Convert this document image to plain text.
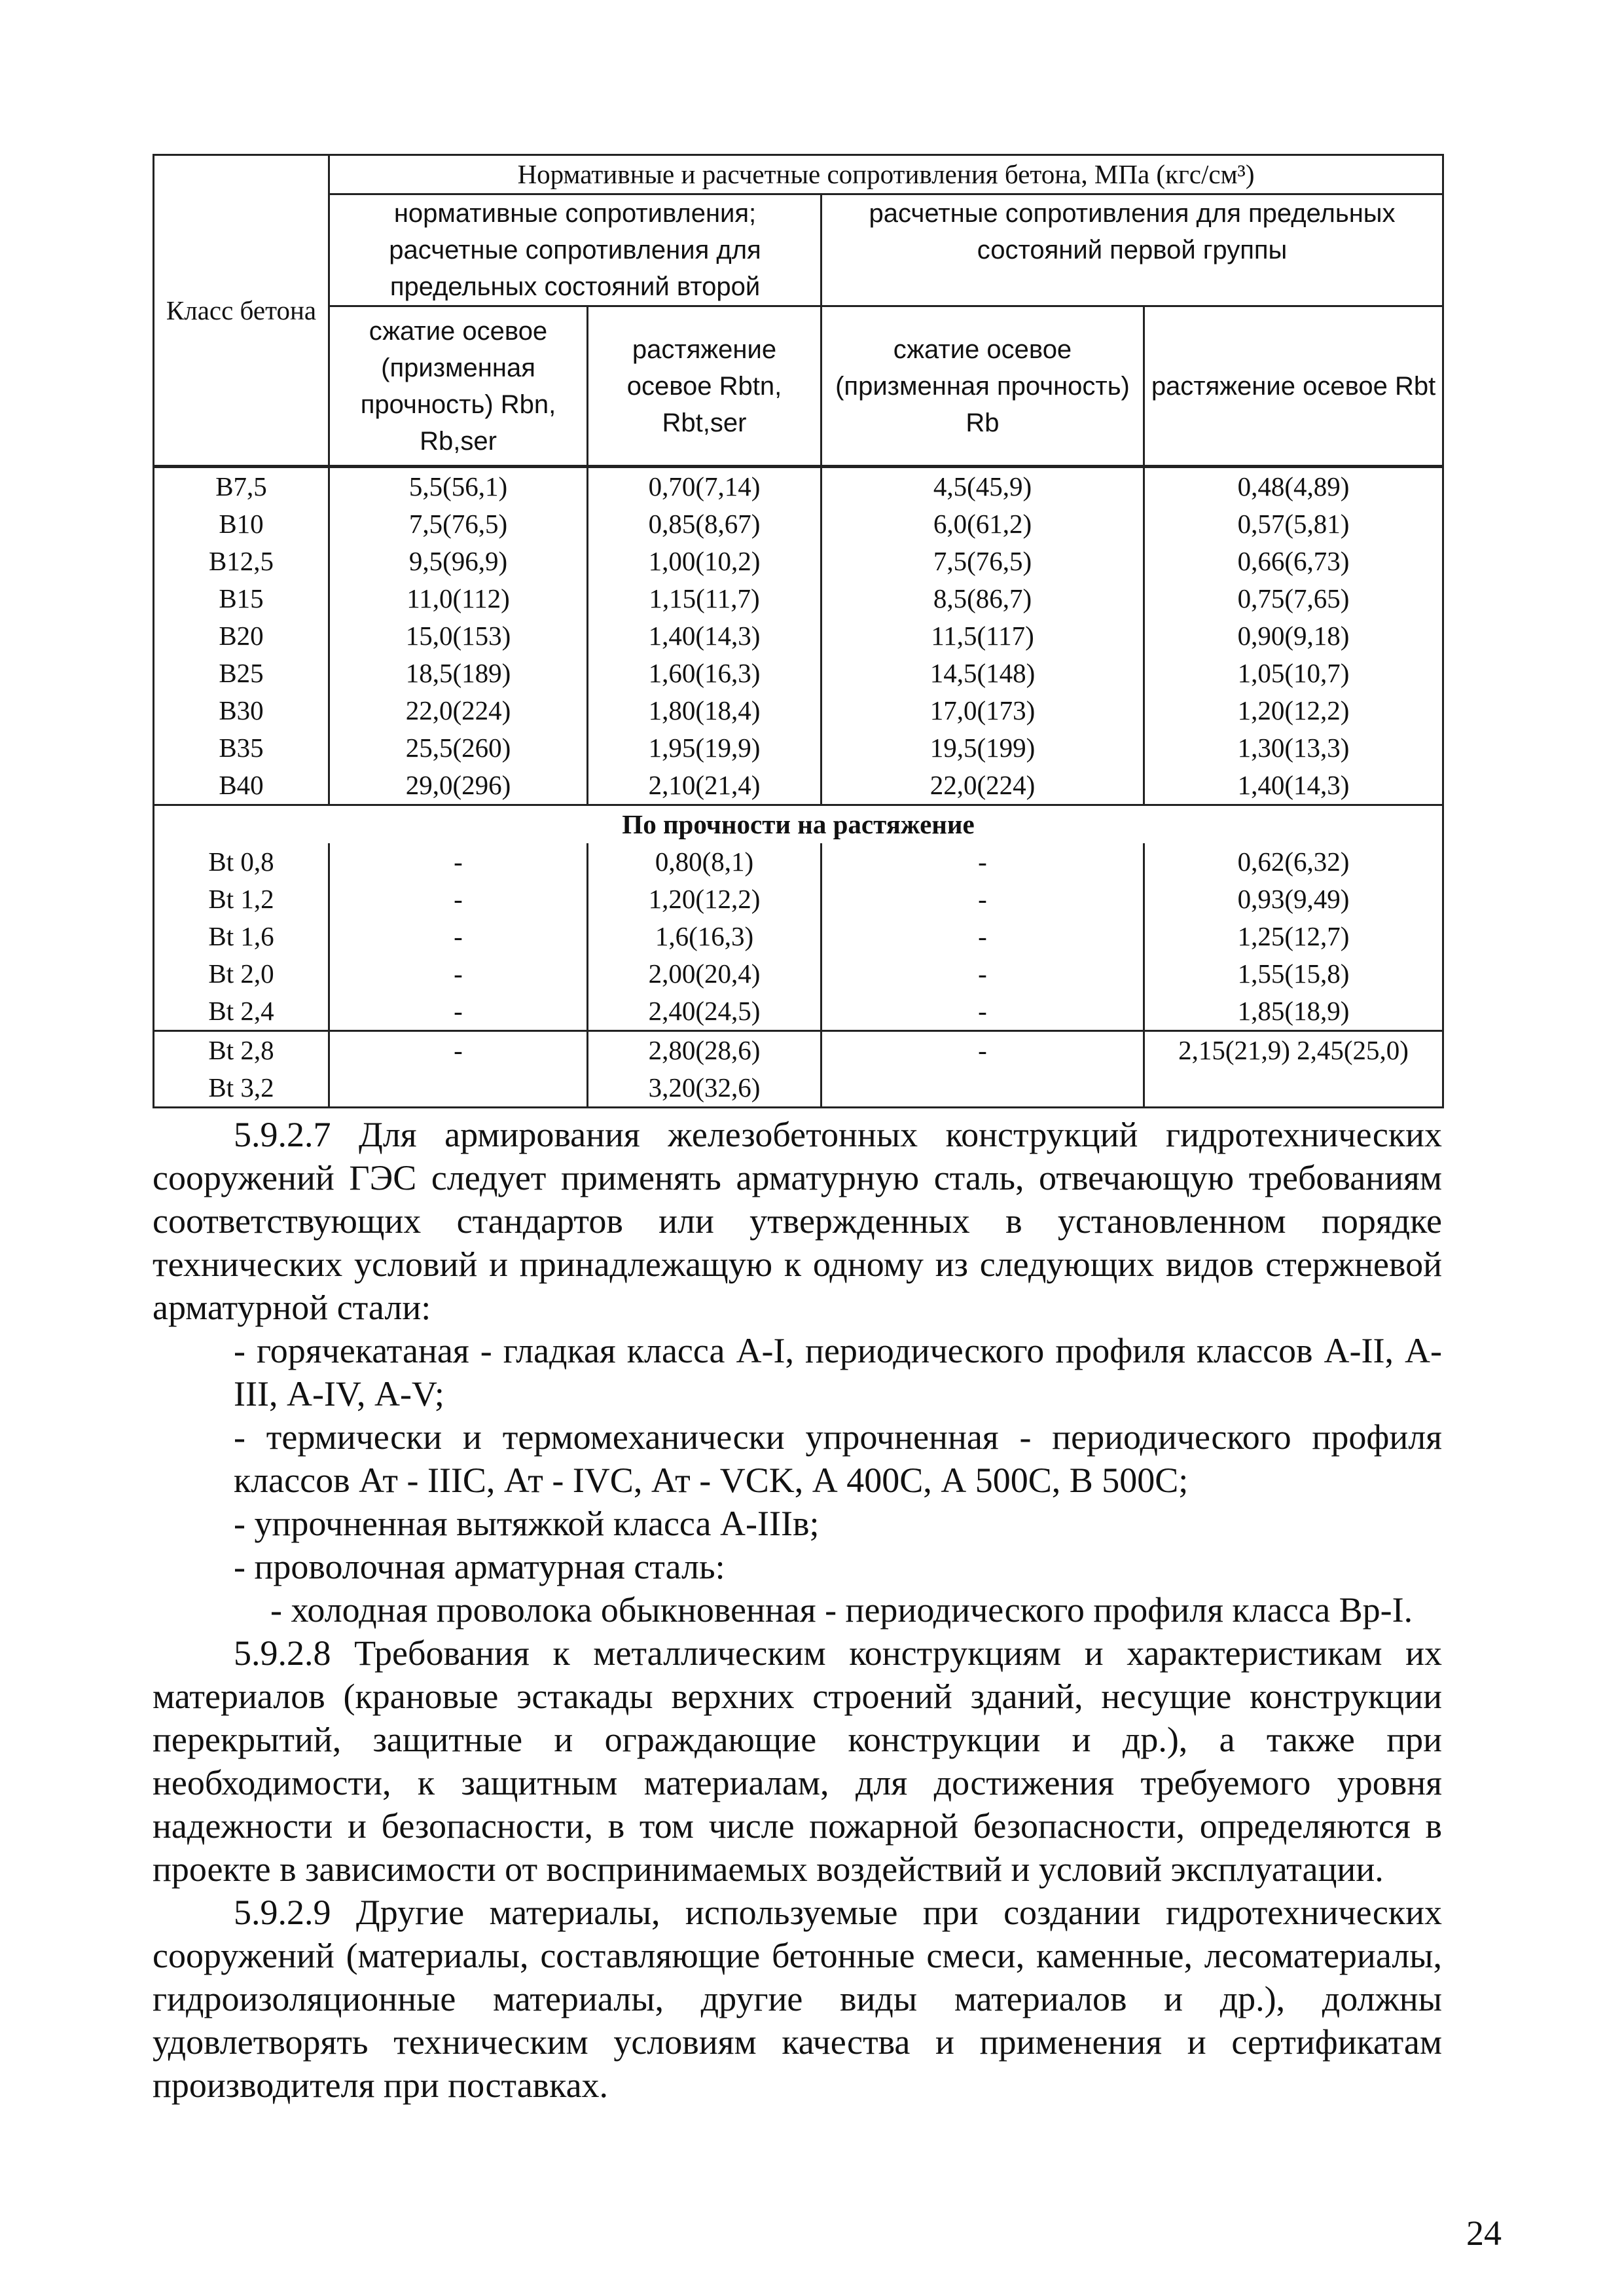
Класс бетона	Нормативные и расчетные сопротивления бетона, МПа (кгс/см³)			
	нормативные сопротивления; расчетные сопротивления для предельных состояний второй		расчетные сопротивления для предельных состояний первой группы	
	сжатие осевое (призменная прочность) Rbn, Rb,ser	растяжение осевое Rbtn, Rbt,ser	сжатие осевое (призменная прочность) Rb	растяжение осевое Rbt
B7,5	5,5(56,1)	0,70(7,14)	4,5(45,9)	0,48(4,89)
B10	7,5(76,5)	0,85(8,67)	6,0(61,2)	0,57(5,81)
B12,5	9,5(96,9)	1,00(10,2)	7,5(76,5)	0,66(6,73)
B15	11,0(112)	1,15(11,7)	8,5(86,7)	0,75(7,65)
B20	15,0(153)	1,40(14,3)	11,5(117)	0,90(9,18)
B25	18,5(189)	1,60(16,3)	14,5(148)	1,05(10,7)
B30	22,0(224)	1,80(18,4)	17,0(173)	1,20(12,2)
B35	25,5(260)	1,95(19,9)	19,5(199)	1,30(13,3)
B40	29,0(296)	2,10(21,4)	22,0(224)	1,40(14,3)
По прочности на растяжение				
Bt 0,8	-	0,80(8,1)	-	0,62(6,32)
Bt 1,2	-	1,20(12,2)	-	0,93(9,49)
Bt 1,6	-	1,6(16,3)	-	1,25(12,7)
Bt 2,0	-	2,00(20,4)	-	1,55(15,8)
Bt 2,4	-	2,40(24,5)	-	1,85(18,9)
Bt 2,8	-	2,80(28,6)	-	2,15(21,9) 2,45(25,0)
Bt 3,2		3,20(32,6)		

5.9.2.7 Для армирования железобетонных конструкций гидротехнических сооружений ГЭС следует применять арматурную сталь, отвечающую требованиям соответствующих стандартов или утвержденных в установленном порядке технических условий и принадлежащую к одному из следующих видов стержневой арматурной стали:

- горячекатаная - гладкая класса А-I, периодического профиля классов А-II, А-III, А-IV, А-V;

- термически и термомеханически упрочненная - периодического профиля классов Ат - IIIС, Ат - IVС, Ат - VСK, А 400С, А 500С, В 500С;

- упрочненная вытяжкой класса А-IIIв;

- проволочная арматурная сталь:

- холодная проволока обыкновенная - периодического профиля класса Вр-I.

5.9.2.8 Требования к металлическим конструкциям и характеристикам их материалов (крановые эстакады верхних строений зданий, несущие конструкции перекрытий, защитные и ограждающие конструкции и др.), а также при необходимости, к защитным материалам, для достижения требуемого уровня надежности и безопасности, в том числе пожарной безопасности, определяются в проекте в зависимости от воспринимаемых воздействий и условий эксплуатации.

5.9.2.9 Другие материалы, используемые при создании гидротехнических сооружений (материалы, составляющие бетонные смеси, каменные, лесоматериалы, гидроизоляционные материалы, другие виды материалов и др.), должны удовлетворять техническим условиям качества и применения и сертификатам производителя при поставках.

24
